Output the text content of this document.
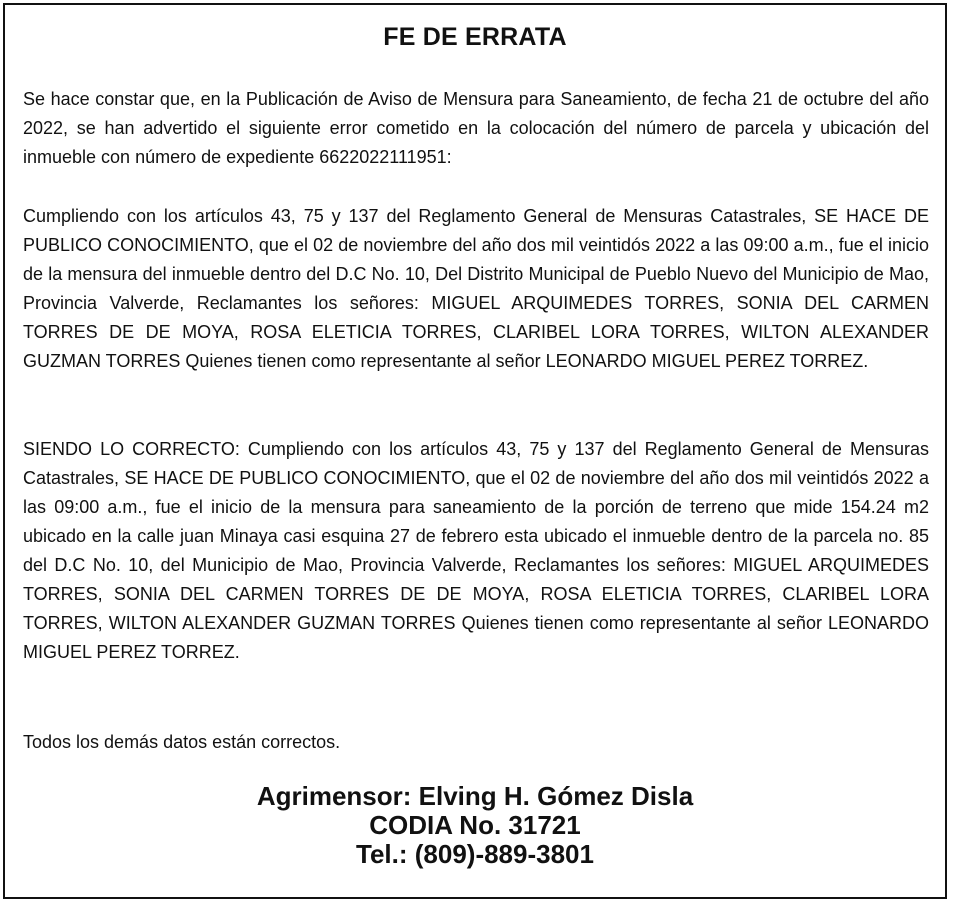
FE DE ERRATA

Se hace constar que, en la Publicación de Aviso de Mensura para Saneamiento, de fecha 21 de octubre del año 2022, se han advertido el siguiente error cometido en la colocación del número de parcela y ubicación del inmueble con número de expediente 6622022111951:

Cumpliendo con los artículos 43, 75 y 137 del Reglamento General de Mensuras Catastrales, SE HACE DE PUBLICO CONOCIMIENTO, que el 02 de noviembre del año dos mil veintidós 2022 a las 09:00 a.m., fue el inicio de la mensura del inmueble dentro del D.C No. 10, Del Distrito Municipal de Pueblo Nuevo del Municipio de Mao, Provincia Valverde, Reclamantes los señores: MIGUEL ARQUIMEDES TORRES, SONIA DEL CARMEN TORRES DE DE MOYA, ROSA ELETICIA TORRES, CLARIBEL LORA TORRES, WILTON ALEXANDER GUZMAN TORRES Quienes tienen como representante al señor LEONARDO MIGUEL PEREZ TORREZ.

SIENDO LO CORRECTO: Cumpliendo con los artículos 43, 75 y 137 del Reglamento General de Mensuras Catastrales, SE HACE DE PUBLICO CONOCIMIENTO, que el 02 de noviembre del año dos mil veintidós 2022 a las 09:00 a.m., fue el inicio de la mensura para saneamiento de la porción de terreno que mide 154.24 m2 ubicado en la calle juan Minaya casi esquina 27 de febrero esta ubicado el inmueble dentro de la parcela no. 85 del D.C No. 10, del Municipio de Mao, Provincia Valverde, Reclamantes los señores: MIGUEL ARQUIMEDES TORRES, SONIA DEL CARMEN TORRES DE DE MOYA, ROSA ELETICIA TORRES, CLARIBEL LORA TORRES, WILTON ALEXANDER GUZMAN TORRES Quienes tienen como representante al señor LEONARDO MIGUEL PEREZ TORREZ.

Todos los demás datos están correctos.

Agrimensor: Elving H. Gómez Disla
CODIA No. 31721
Tel.: (809)-889-3801
